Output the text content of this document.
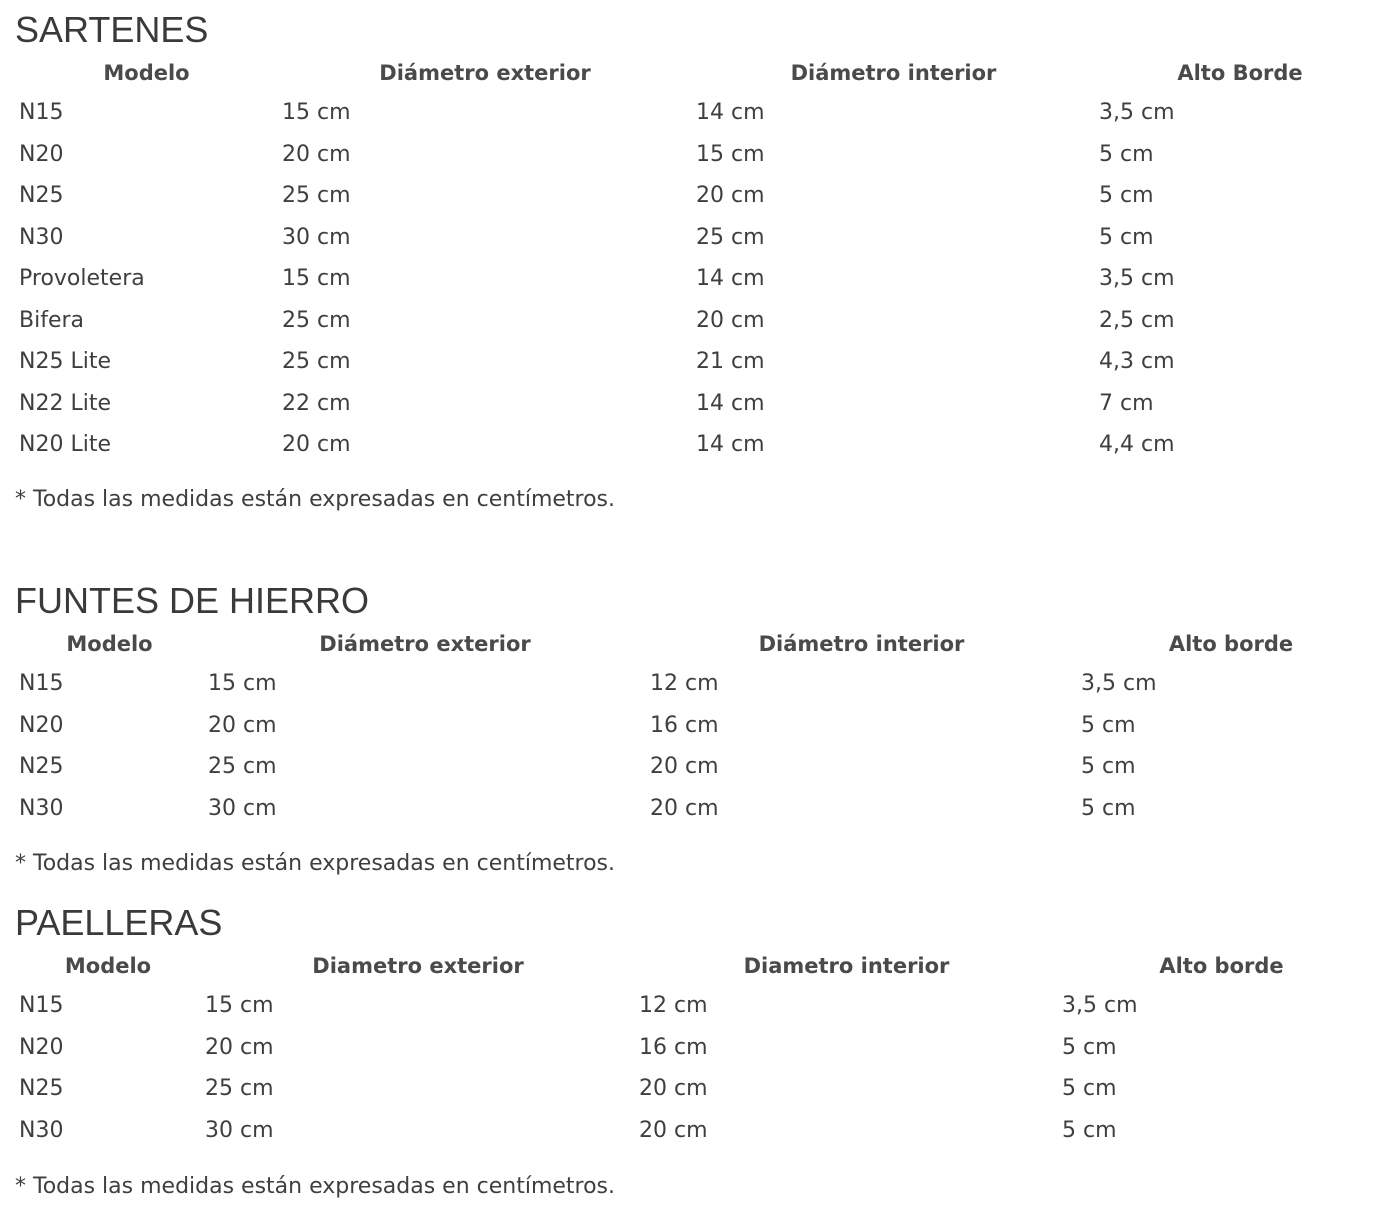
SARTENES
Modelo	Diámetro exterior	Diámetro interior	Alto Borde
N15	15 cm	14 cm	3,5 cm
N20	20 cm	15 cm	5 cm
N25	25 cm	20 cm	5 cm
N30	30 cm	25 cm	5 cm
Provoletera	15 cm	14 cm	3,5 cm
Bifera	25 cm	20 cm	2,5 cm
N25 Lite	25 cm	21 cm	4,3 cm
N22 Lite	22 cm	14 cm	7 cm
N20 Lite	20 cm	14 cm	4,4 cm

* Todas las medidas están expresadas en centímetros.

FUNTES DE HIERRO
Modelo	Diámetro exterior	Diámetro interior	Alto borde
N15	15 cm	12 cm	3,5 cm
N20	20 cm	16 cm	5 cm
N25	25 cm	20 cm	5 cm
N30	30 cm	20 cm	5 cm

* Todas las medidas están expresadas en centímetros.

PAELLERAS
Modelo	Diametro exterior	Diametro interior	Alto borde
N15	15 cm	12 cm	3,5 cm
N20	20 cm	16 cm	5 cm
N25	25 cm	20 cm	5 cm
N30	30 cm	20 cm	5 cm

* Todas las medidas están expresadas en centímetros.
